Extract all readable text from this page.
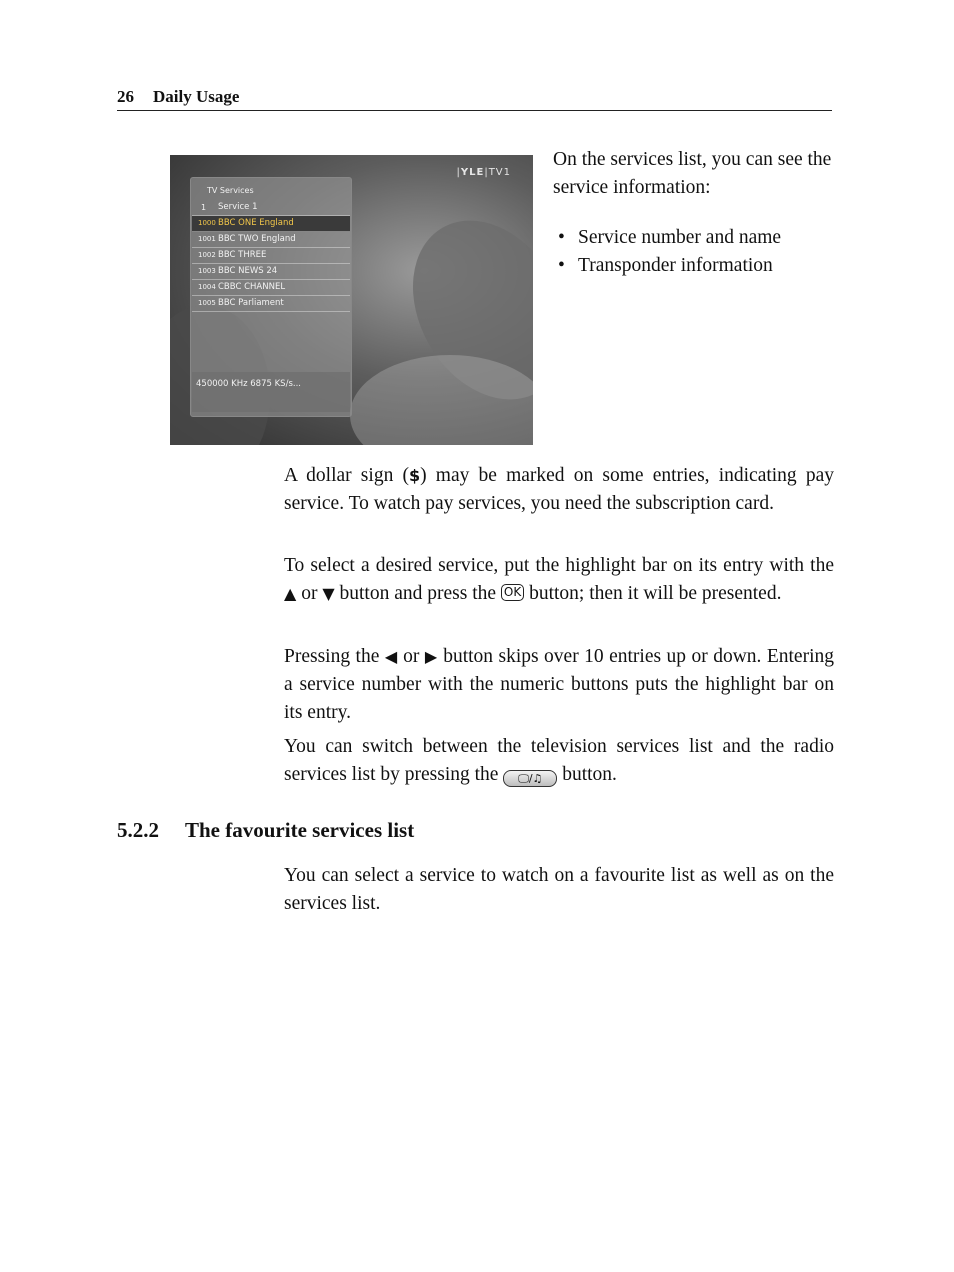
26 Daily Usage
|YLE|TV1
TV Services
1 Service 1
1000 BBC ONE England
1001 BBC TWO England
1002 BBC THREE
1003 BBC NEWS 24
1004 CBBC CHANNEL
1005 BBC Parliament
450000 KHz 6875 KS/s...

On the services list, you can see the service information:

• Service number and name
• Transponder information

A dollar sign ($) may be marked on some entries, indicating pay service. To watch pay services, you need the subscription card.

To select a desired service, put the highlight bar on its entry with the ▲ or ▼ button and press the OK button; then it will be presented.

Pressing the ◀ or ▶ button skips over 10 entries up or down. Entering a service number with the numeric buttons puts the highlight bar on its entry.

You can switch between the television services list and the radio services list by pressing the 🖵/♫ button.

5.2.2 The favourite services list

You can select a service to watch on a favourite list as well as on the services list.
